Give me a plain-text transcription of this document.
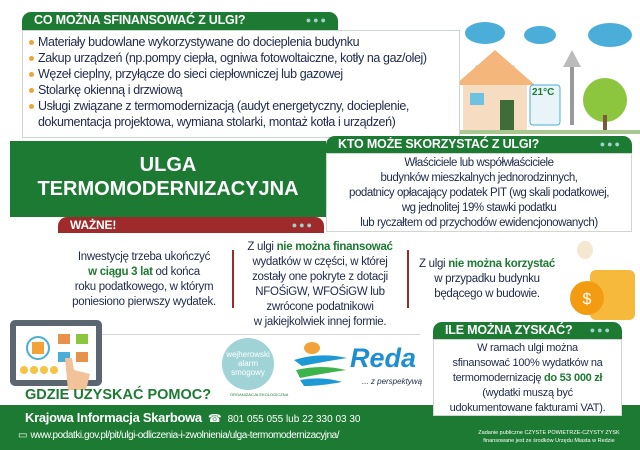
21°C
CO MOŻNA SFINANSOWAĆ Z ULGI?	●●●
Materiały budowlane wykorzystywane do docieplenia budynku
Zakup urządzeń (np.pompy ciepła, ogniwa fotowoltaiczne, kotły na gaz/olej)
Węzeł cieplny, przyłącze do sieci ciepłowniczej lub gazowej
Stolarkę okienną i drzwiową
Usługi związane z termomodernizacją (audyt energetyczny, docieplenie, dokumentacja projektowa, wymiana stolarki, montaż kotła i urządzeń)
ULGA
TERMOMODERNIZACYJNA
KTO MOŻE SKORZYSTAĆ Z ULGI?	●●●
Właściciele lub współwłaściciele
budynków mieszkalnych jednorodzinnych,
podatnicy opłacający podatek PIT (wg skali podatkowej,
wg jednolitej 19% stawki podatku
lub ryczałtem od przychodów ewidencjonowanych)
WAŻNE!	●●●
Inwestycję trzeba ukończyć
w ciągu 3 lat od końca
roku podatkowego, w którym
poniesiono pierwszy wydatek.
Z ulgi nie można finansować
wydatków w części, w której
zostały one pokryte z dotacji
NFOŚiGW, WFOŚiGW lub
zwrócone podatnikowi
w jakiejkolwiek innej formie.
Z ulgi nie można korzystać
w przypadku budynku
będącego w budowie.	$
GDZIE UZYSKAĆ POMOC?
wejherowski alarm smogowy
ORGANIZACJA EKOLOGICZNA
Reda
... z perspektywą
Krajowa Informacja Skarbowa ☎ 801 055 055 lub 22 330 03 30
▭ www.podatki.gov.pl/pit/ulgi-odliczenia-i-zwolnienia/ulga-termomodernizacyjna/	Zadanie publiczne CZYSTE POWIETRZE-CZYSTY ZYSK
finansowane jest ze środków Urzędu Miasta w Redzie
ILE MOŻNA ZYSKAĆ? ●●●
W ramach ulgi można
sfinansować 100% wydatków na
termomodernizację do 53 000 zł
(wydatki muszą być
udokumentowane fakturami VAT).
